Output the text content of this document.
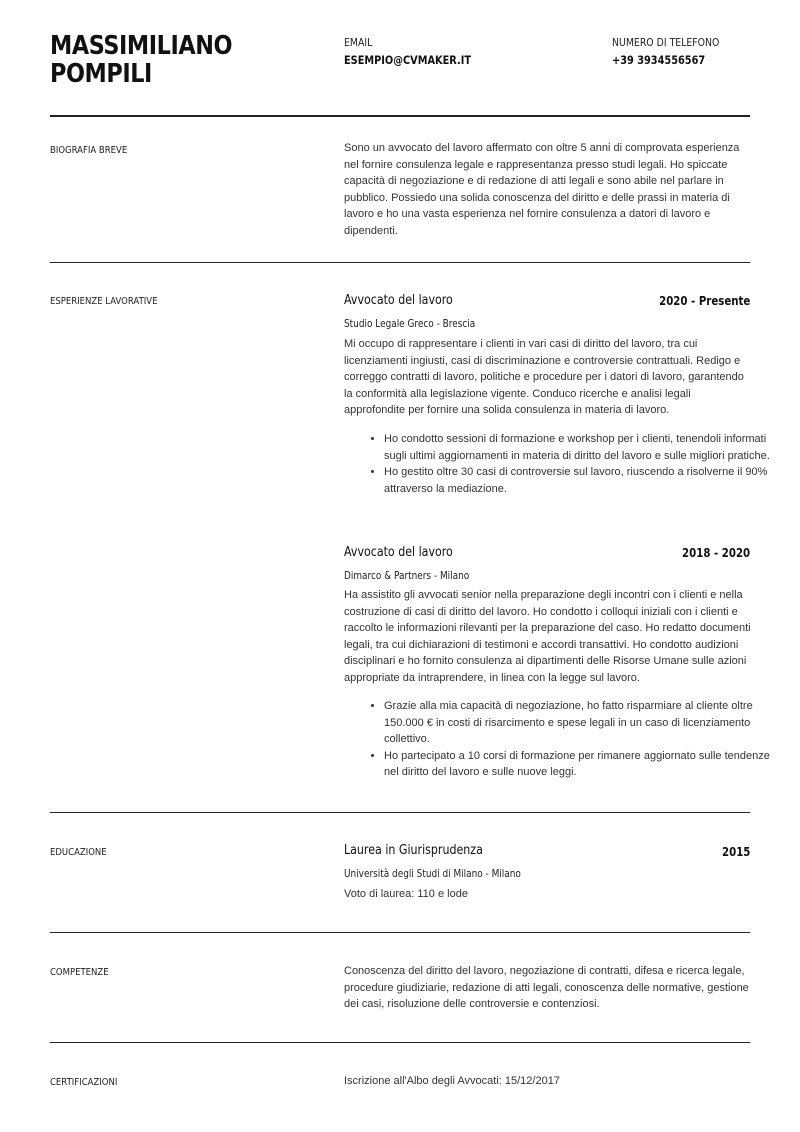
MASSIMILIANO
POMPILI
EMAIL
ESEMPIO@CVMAKER.IT
NUMERO DI TELEFONO
+39 3934556567
BIOGRAFIA BREVE	Sono un avvocato del lavoro affermato con oltre 5 anni di comprovata esperienza nel fornire consulenza legale e rappresentanza presso studi legali. Ho spiccate capacità di negoziazione e di redazione di atti legali e sono abile nel parlare in pubblico. Possiedo una solida conoscenza del diritto e delle prassi in materia di lavoro e ho una vasta esperienza nel fornire consulenza a datori di lavoro e dipendenti.
ESPERIENZE LAVORATIVE	Avvocato del lavoro	2020 - Presente
Studio Legale Greco - Brescia
Mi occupo di rappresentare i clienti in vari casi di diritto del lavoro, tra cui licenziamenti ingiusti, casi di discriminazione e controversie contrattuali. Redigo e correggo contratti di lavoro, politiche e procedure per i datori di lavoro, garantendo la conformità alla legislazione vigente. Conduco ricerche e analisi legali approfondite per fornire una solida consulenza in materia di lavoro.
• Ho condotto sessioni di formazione e workshop per i clienti, tenendoli informati sugli ultimi aggiornamenti in materia di diritto del lavoro e sulle migliori pratiche.
• Ho gestito oltre 30 casi di controversie sul lavoro, riuscendo a risolverne il 90% attraverso la mediazione.
Avvocato del lavoro	2018 - 2020
Dimarco & Partners - Milano
Ha assistito gli avvocati senior nella preparazione degli incontri con i clienti e nella costruzione di casi di diritto del lavoro. Ho condotto i colloqui iniziali con i clienti e raccolto le informazioni rilevanti per la preparazione del caso. Ho redatto documenti legali, tra cui dichiarazioni di testimoni e accordi transattivi. Ho condotto audizioni disciplinari e ho fornito consulenza ai dipartimenti delle Risorse Umane sulle azioni appropriate da intraprendere, in linea con la legge sul lavoro.
• Grazie alla mia capacità di negoziazione, ho fatto risparmiare al cliente oltre 150.000 € in costi di risarcimento e spese legali in un caso di licenziamento collettivo.
• Ho partecipato a 10 corsi di formazione per rimanere aggiornato sulle tendenze nel diritto del lavoro e sulle nuove leggi.
EDUCAZIONE	Laurea in Giurisprudenza	2015
Università degli Studi di Milano - Milano
Voto di laurea: 110 e lode
COMPETENZE	Conoscenza del diritto del lavoro, negoziazione di contratti, difesa e ricerca legale, procedure giudiziarie, redazione di atti legali, conoscenza delle normative, gestione dei casi, risoluzione delle controversie e contenziosi.
CERTIFICAZIONI	Iscrizione all'Albo degli Avvocati: 15/12/2017
